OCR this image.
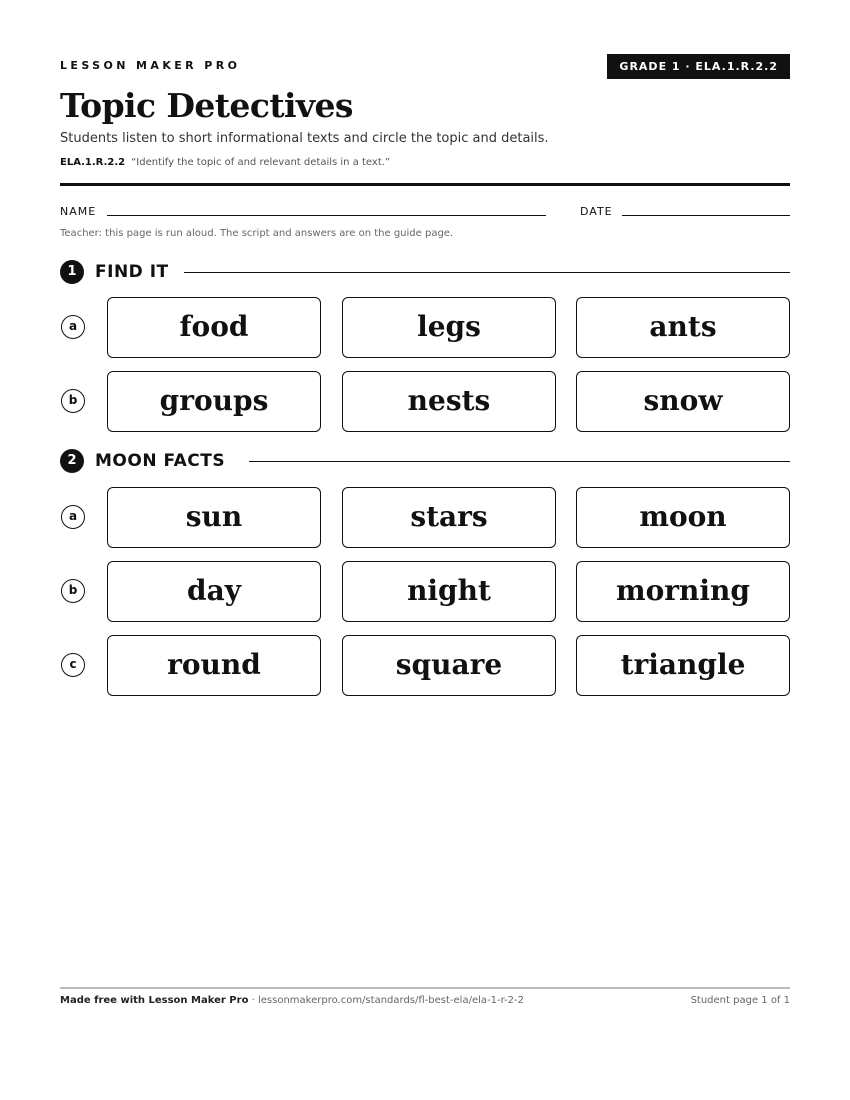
LESSON MAKER PRO	GRADE 1 · ELA.1.R.2.2
Topic Detectives
Students listen to short informational texts and circle the topic and details.
ELA.1.R.2.2 “Identify the topic of and relevant details in a text.”
NAME	DATE
Teacher: this page is run aloud. The script and answers are on the guide page.
1	FIND IT
a	food	legs	ants
b	groups	nests	snow
2	MOON FACTS
a	sun	stars	moon
b	day	night	morning
c	round	square	triangle
Made free with Lesson Maker Pro · lessonmakerpro.com/standards/fl-best-ela/ela-1-r-2-2	Student page 1 of 1
